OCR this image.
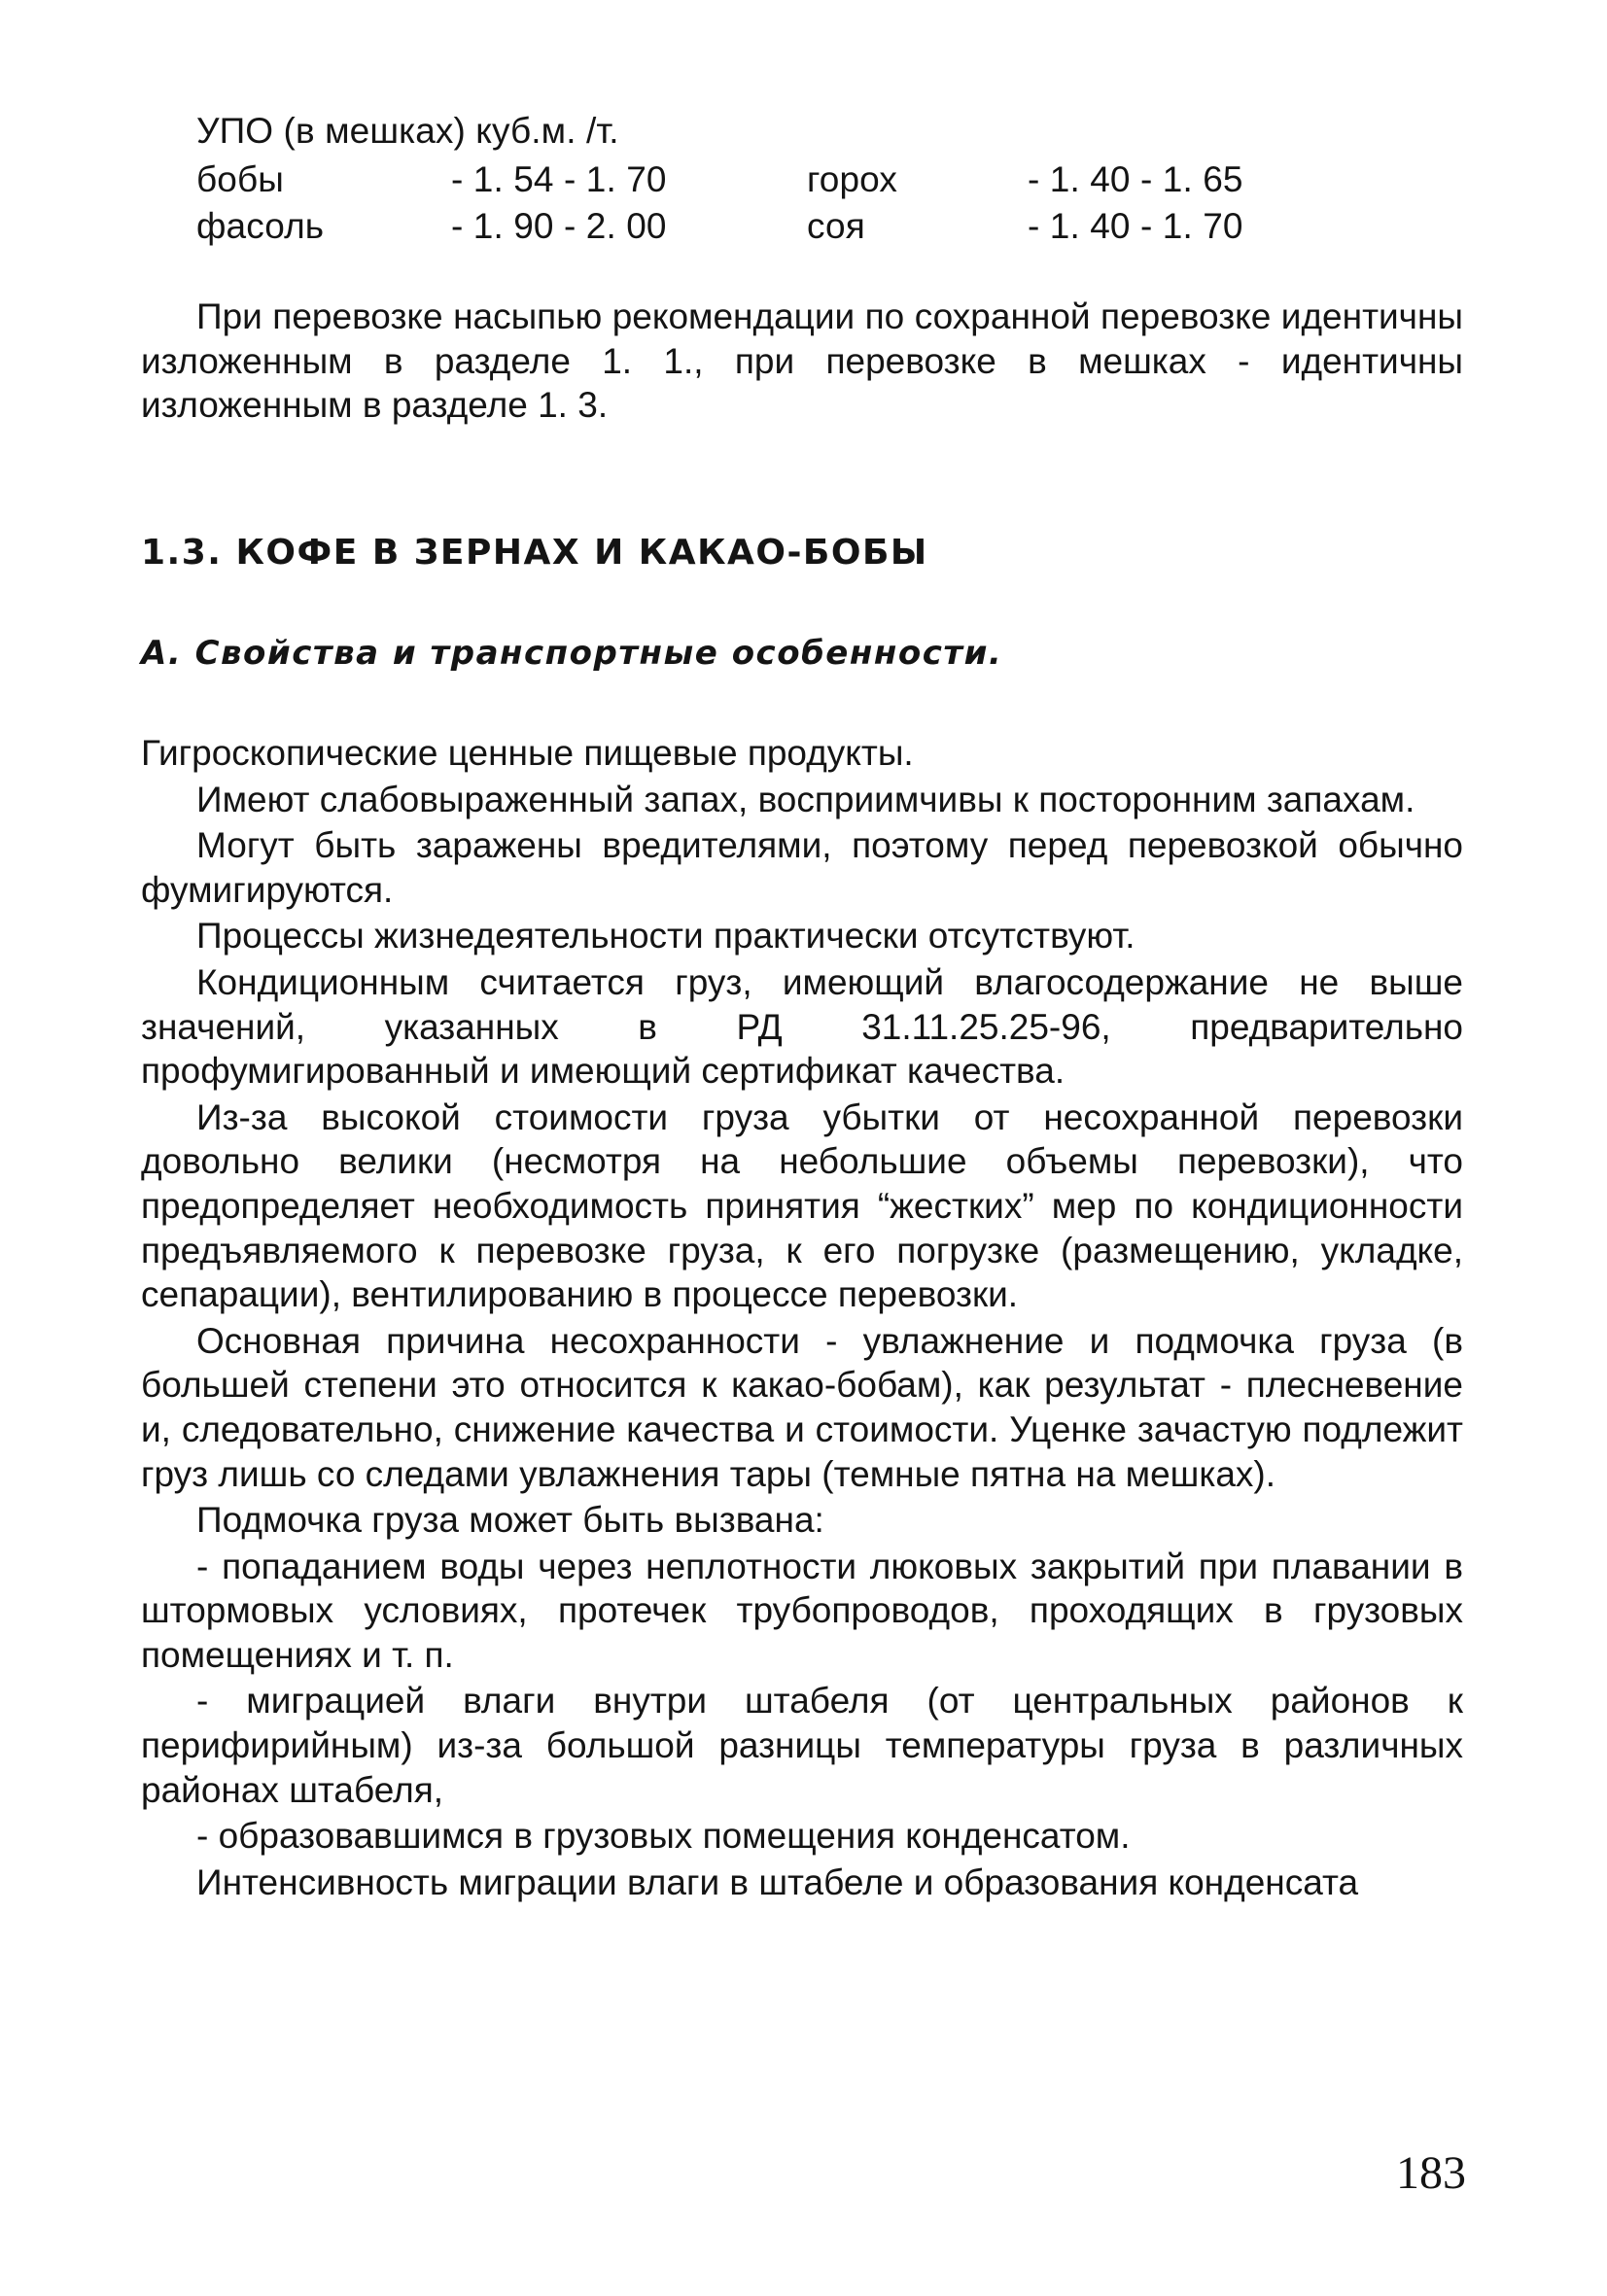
УПО (в мешках) куб.м. /т.
бобы	- 1. 54 - 1. 70	горох	- 1. 40 - 1. 65
фасоль	- 1. 90 - 2. 00	соя	- 1. 40 - 1. 70

При перевозке насыпью рекомендации по сохранной перевозке идентичны изложенным в разделе 1. 1., при перевозке в мешках - идентичны изложенным в разделе 1. 3.

1.3. КОФЕ В ЗЕРНАХ И КАКАО-БОБЫ
А. Свойства и транспортные особенности.

Гигроскопические ценные пищевые продукты.

Имеют слабовыраженный запах, восприимчивы к посторонним запахам.

Могут быть заражены вредителями, поэтому перед перевозкой обычно фумигируются.

Процессы жизнедеятельности практически отсутствуют.

Кондиционным считается груз, имеющий влагосодержание не выше значений, указанных в РД 31.11.25.25-96, предварительно профумигированный и имеющий сертификат качества.

Из-за высокой стоимости груза убытки от несохранной перевозки довольно велики (несмотря на небольшие объемы перевозки), что предопределяет необходимость принятия “жестких” мер по кондиционности предъявляемого к перевозке груза, к его погрузке (размещению, укладке, сепарации), вентилированию в процессе перевозки.

Основная причина несохранности - увлажнение и подмочка груза (в большей степени это относится к какао-бобам), как результат - плесневение и, следовательно, снижение качества и стоимости. Уценке зачастую подлежит груз лишь со следами увлажнения тары (темные пятна на мешках).

Подмочка груза может быть вызвана:

- попаданием воды через неплотности люковых закрытий при плавании в штормовых условиях, протечек трубопроводов, проходящих в грузовых помещениях и т. п.

- миграцией влаги внутри штабеля (от центральных районов к перифирийным) из-за большой разницы температуры груза в различных районах штабеля,

- образовавшимся в грузовых помещения конденсатом.

Интенсивность миграции влаги в штабеле и образования конденсата

183
